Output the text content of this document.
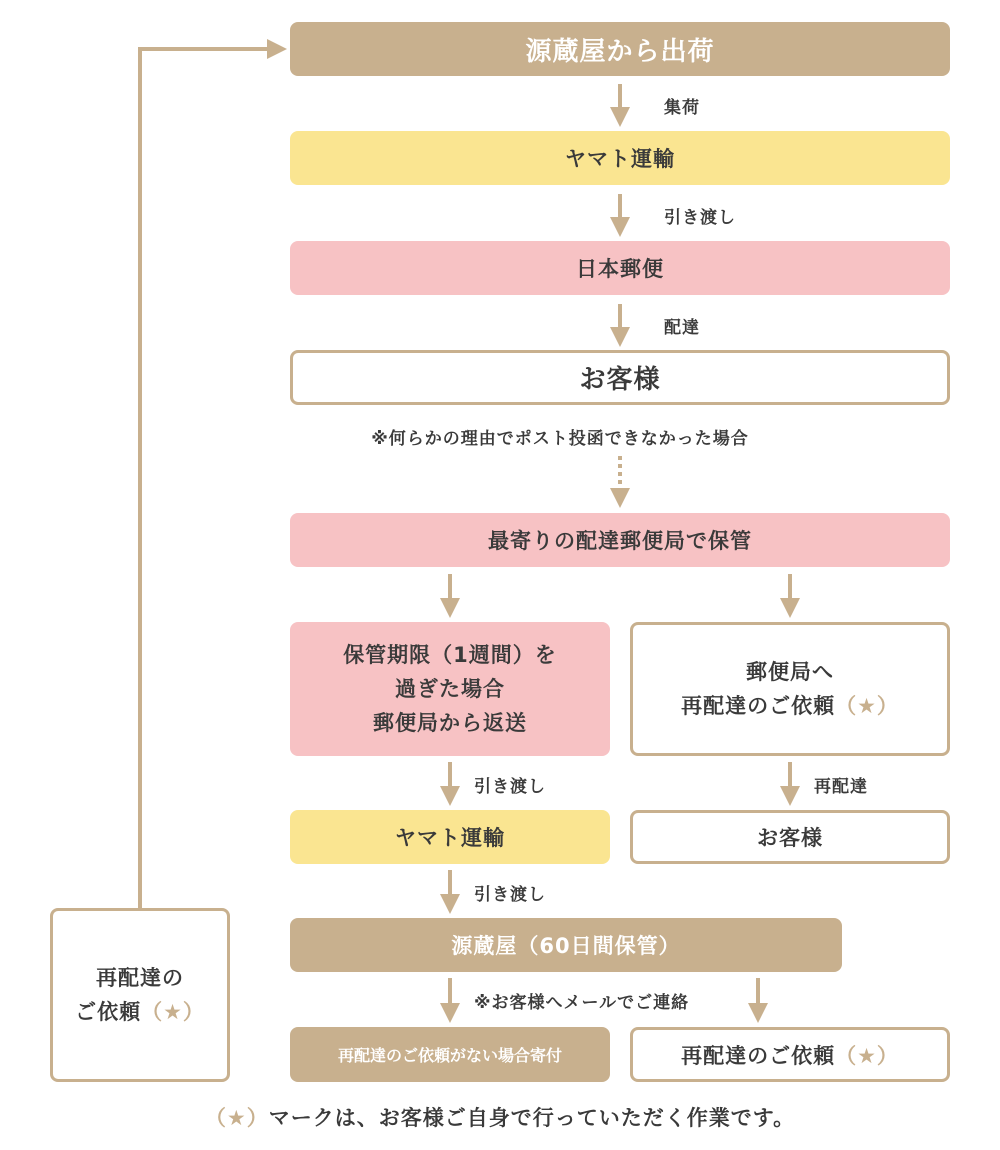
源蔵屋から出荷
ヤマト運輸
日本郵便
お客様
最寄りの配達郵便局で保管
保管期限（1週間）を
過ぎた場合
郵便局から返送
郵便局へ
再配達のご依頼（★）
ヤマト運輸	お客様
源蔵屋（60日間保管）
再配達のご依頼がない場合寄付	再配達のご依頼 （★）
再配達の
ご依頼（★）
集荷
引き渡し
配達
※何らかの理由でポスト投函できなかった場合
引き渡し	再配達
引き渡し
※お客様へメールでご連絡
（★）マークは、お客様ご自身で行っていただく作業です。
